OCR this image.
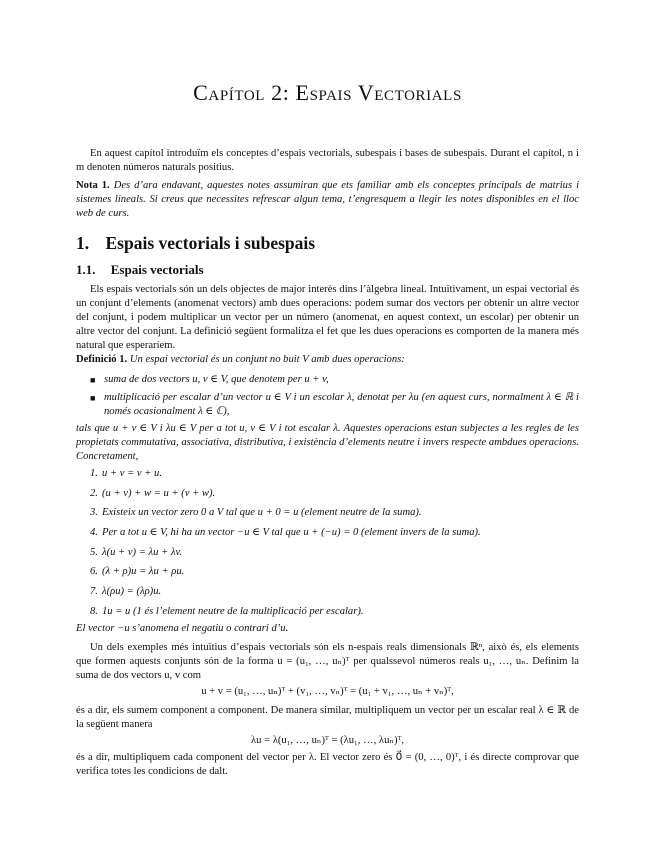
Capítol 2: Espais Vectorials
En aquest capítol introduïm els conceptes d’espais vectorials, subespais i bases de subespais. Durant el capítol, n i m denoten números naturals positius.
Nota 1. Des d’ara endavant, aquestes notes assumiran que ets familiar amb els conceptes principals de matrius i sistemes lineals. Si creus que necessites refrescar algun tema, t’engresquem a llegir les notes disponibles en el lloc web de curs.
1. Espais vectorials i subespais
1.1. Espais vectorials
Els espais vectorials són un dels objectes de major interès dins l’àlgebra lineal. Intuïtivament, un espai vectorial és un conjunt d’elements (anomenat vectors) amb dues operacions: podem sumar dos vectors per obtenir un altre vector del conjunt, i podem multiplicar un vector per un número (anomenat, en aquest context, un escolar) per obtenir un altre vector del conjunt. La definició següent formalitza el fet que les dues operacions es comporten de la manera més natural que esperaríem.
Definició 1. Un espai vectorial és un conjunt no buit V amb dues operacions:
■ suma de dos vectors u, v ∈ V, que denotem per u + v,
■ multiplicació per escalar d’un vector u ∈ V i un escolar λ, denotat per λu (en aquest curs, normalment λ ∈ ℝ i només ocasionalment λ ∈ ℂ),
tals que u + v ∈ V i λu ∈ V per a tot u, v ∈ V i tot escalar λ. Aquestes operacions estan subjectes a les regles de les propietats commutativa, associativa, distributiva, i existència d’elements neutre i invers respecte ambdues operacions. Concretament,
1. u + v = v + u.
2. (u + v) + w = u + (v + w).
3. Existeix un vector zero 0 a V tal que u + 0 = u (element neutre de la suma).
4. Per a tot u ∈ V, hi ha un vector −u ∈ V tal que u + (−u) = 0 (element invers de la suma).
5. λ(u + v) = λu + λv.
6. (λ + ρ)u = λu + ρu.
7. λ(ρu) = (λρ)u.
8. 1u = u (1 és l’element neutre de la multiplicació per escalar).
El vector −u s’anomena el negatiu o contrari d’u.
Un dels exemples més intuïtius d’espais vectorials són els n-espais reals dimensionals ℝⁿ, això és, els elements que formen aquests conjunts són de la forma u = (u₁, …, uₙ)ᵀ per qualssevol números reals u₁, …, uₙ. Definim la suma de dos vectors u, v com
u + v = (u₁, …, uₙ)ᵀ + (v₁, …, vₙ)ᵀ = (u₁ + v₁, …, uₙ + vₙ)ᵀ,
és a dir, els sumem component a component. De manera similar, multipliquem un vector per un escalar real λ ∈ ℝ de la següent manera
λu = λ(u₁, …, uₙ)ᵀ = (λu₁, …, λuₙ)ᵀ,
és a dir, multipliquem cada component del vector per λ. El vector zero és 0⃗ = (0, …, 0)ᵀ, i és directe comprovar que verifica totes les condicions de dalt.
